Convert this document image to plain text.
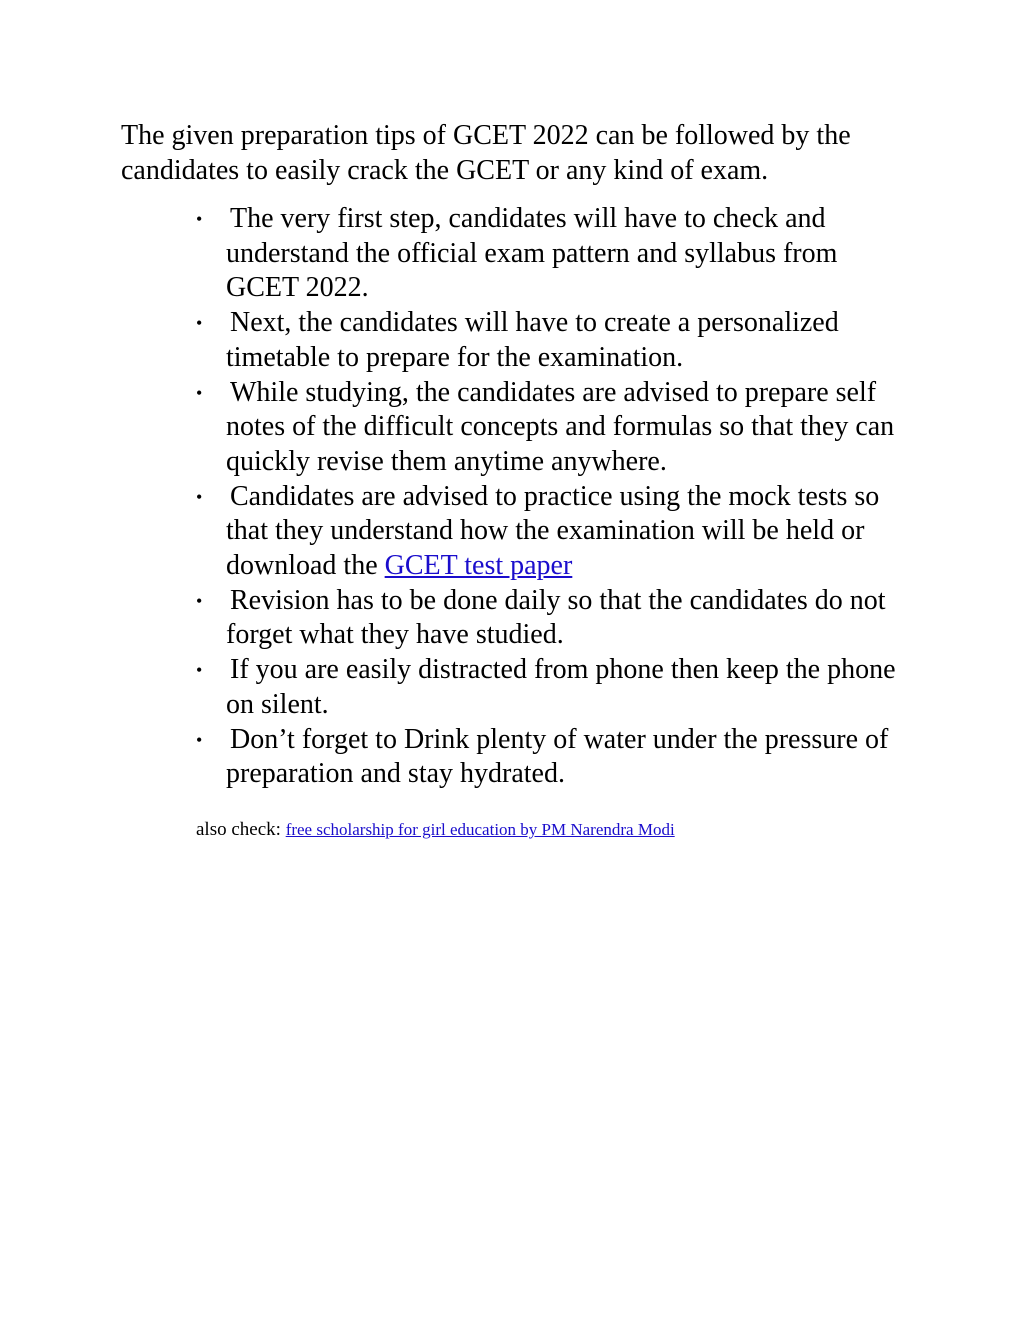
The given preparation tips of GCET 2022 can be followed by the candidates to easily crack the GCET or any kind of exam.

• The very first step, candidates will have to check and understand the official exam pattern and syllabus from GCET 2022.
• Next, the candidates will have to create a personalized timetable to prepare for the examination.
• While studying, the candidates are advised to prepare self notes of the difficult concepts and formulas so that they can quickly revise them anytime anywhere.
• Candidates are advised to practice using the mock tests so that they understand how the examination will be held or download the GCET test paper
• Revision has to be done daily so that the candidates do not forget what they have studied.
• If you are easily distracted from phone then keep the phone on silent.
• Don’t forget to Drink plenty of water under the pressure of preparation and stay hydrated.

also check: free scholarship for girl education by PM Narendra Modi
